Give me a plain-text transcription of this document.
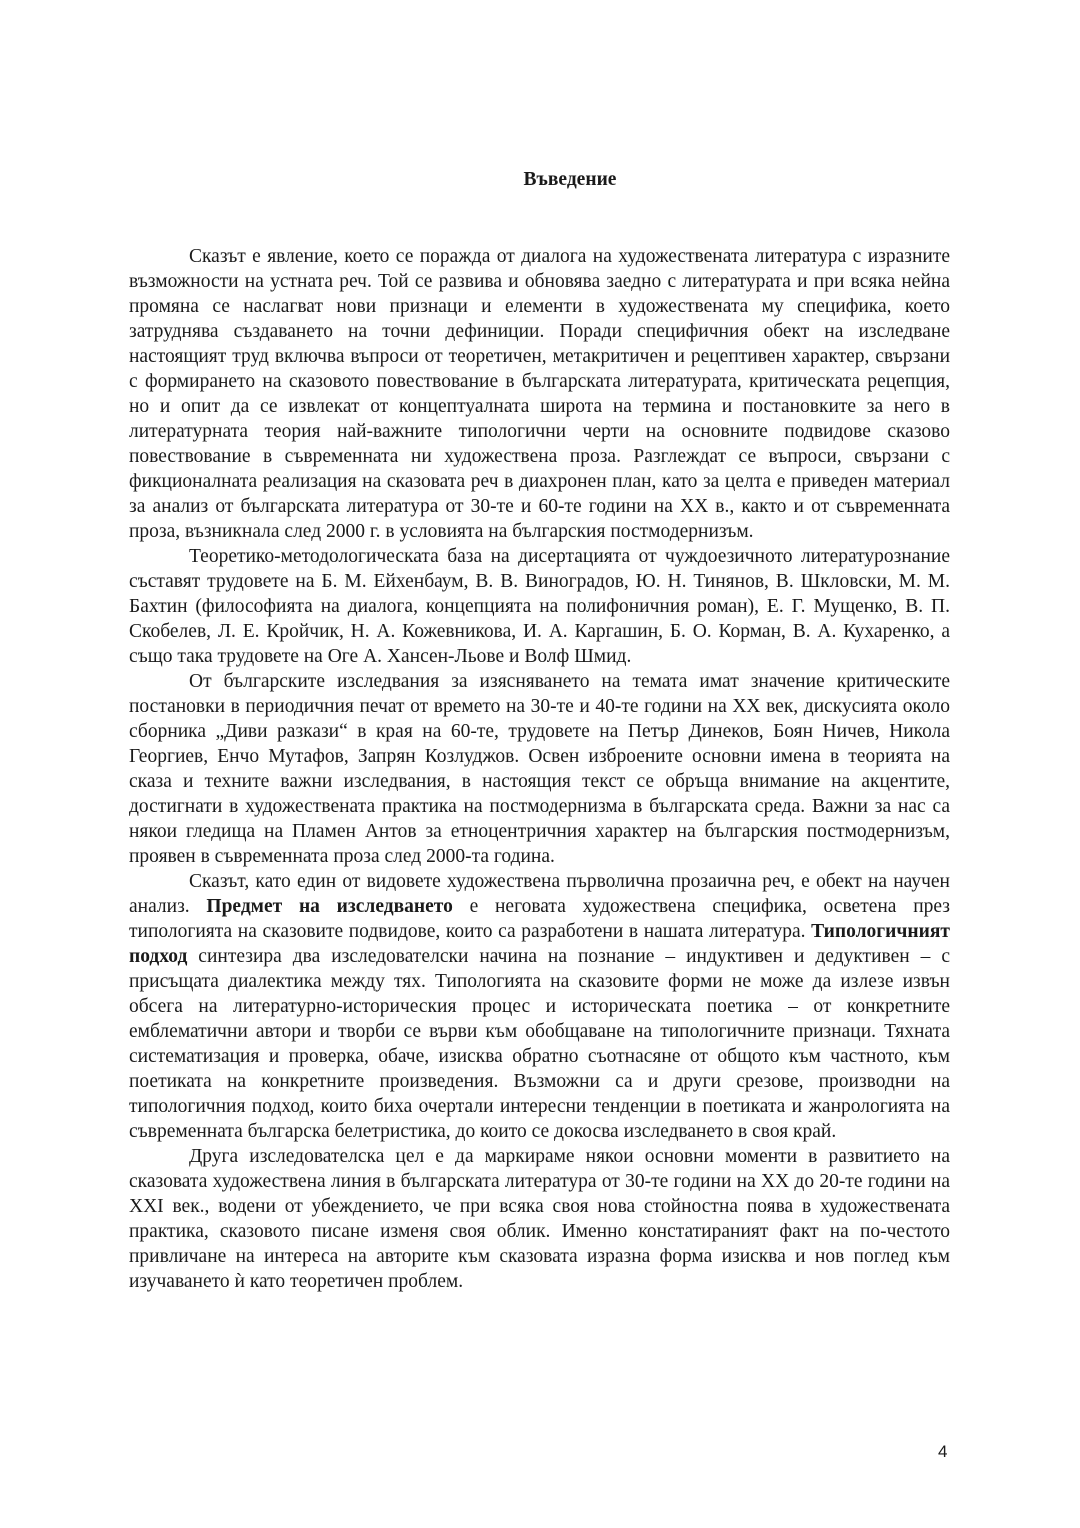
Въведение

Сказът е явление, което се поражда от диалога на художествената литература с изразните възможности на устната реч. Той се развива и обновява заедно с литературата и при всяка нейна промяна се наслагват нови признаци и елементи в художествената му специфика, което затруднява създаването на точни дефиниции. Поради специфичния обект на изследване настоящият труд включва въпроси от теоретичен, метакритичен и рецептивен характер, свързани с формирането на сказовото повествование в българската литературата, критическата рецепция, но и опит да се извлекат от концептуалната широта на термина и постановките за него в литературната теория най-важните типологични черти на основните подвидове сказово повествование в съвременната ни художествена проза. Разглеждат се въпроси, свързани с фикционалната реализация на сказовата реч в диахронен план, като за целта е приведен материал за анализ от българската литература от 30-те и 60-те години на XX в., както и от съвременната проза, възникнала след 2000 г. в условията на българския постмодернизъм.

Теоретико-методологическата база на дисертацията от чуждоезичното литературознание съставят трудовете на Б. М. Ейхенбаум, В. В. Виноградов, Ю. Н. Тинянов, В. Шкловски, М. М. Бахтин (философията на диалога, концепцията на полифоничния роман), Е. Г. Мущенко, В. П. Скобелев, Л. Е. Кройчик, Н. А. Кожевникова, И. А. Каргашин, Б. О. Корман, В. А. Кухаренко, а също така трудовете на Оге А. Хансен-Льове и Волф Шмид.

От българските изследвания за изясняването на темата имат значение критическите постановки в периодичния печат от времето на 30-те и 40-те години на XX век, дискусията около сборника „Диви разкази“ в края на 60-те, трудовете на Петър Динеков, Боян Ничев, Никола Георгиев, Енчо Мутафов, Запрян Козлуджов. Освен изброените основни имена в теорията на сказа и техните важни изследвания, в настоящия текст се обръща внимание на акцентите, достигнати в художествената практика на постмодернизма в българската среда. Важни за нас са някои гледища на Пламен Антов за етноцентричния характер на българския постмодернизъм, проявен в съвременната проза след 2000-та година.

Сказът, като един от видовете художествена първолична прозаична реч, е обект на научен анализ. Предмет на изследването е неговата художествена специфика, осветена през типологията на сказовите подвидове, които са разработени в нашата литература. Типологичният подход синтезира два изследователски начина на познание – индуктивен и дедуктивен – с присъщата диалектика между тях. Типологията на сказовите форми не може да излезе извън обсега на литературно-историческия процес и историческата поетика – от конкретните емблематични автори и творби се върви към обобщаване на типологичните признаци. Тяхната систематизация и проверка, обаче, изисква обратно съотнасяне от общото към частното, към поетиката на конкретните произведения. Възможни са и други срезове, производни на типологичния подход, които биха очертали интересни тенденции в поетиката и жанрологията на съвременната българска белетристика, до които се докосва изследването в своя край.

Друга изследователска цел е да маркираме някои основни моменти в развитието на сказовата художествена линия в българската литература от 30-те години на XX до 20-те години на XXI век., водени от убеждението, че при всяка своя нова стойностна поява в художествената практика, сказовото писане изменя своя облик. Именно констатираният факт на по-честото привличане на интереса на авторите към сказовата изразна форма изисква и нов поглед към изучаването ѝ като теоретичен проблем.

4
